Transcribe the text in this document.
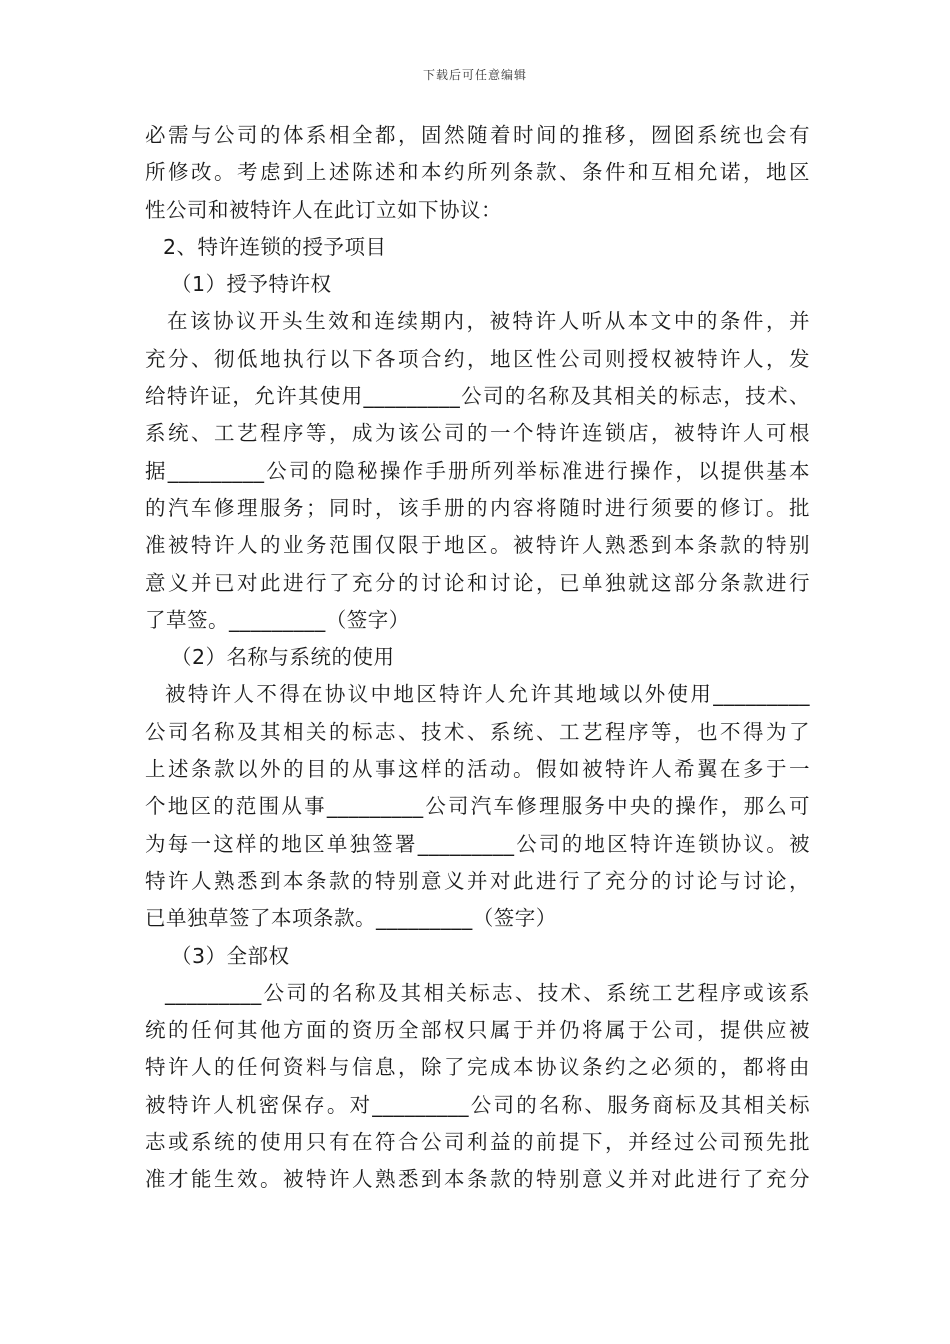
下载后可任意编辑
必需与公司的体系相全都，固然随着时间的推移，囫囵系统也会有
所修改。考虑到上述陈述和本约所列条款、条件和互相允诺，地区
性公司和被特许人在此订立如下协议：
2、特许连锁的授予项目
（1）授予特许权
在该协议开头生效和连续期内，被特许人听从本文中的条件，并
充分、彻低地执行以下各项合约，地区性公司则授权被特许人，发
给特许证，允许其使用_________公司的名称及其相关的标志，技术、
系统、工艺程序等，成为该公司的一个特许连锁店，被特许人可根
据_________公司的隐秘操作手册所列举标准进行操作，以提供基本
的汽车修理服务；同时，该手册的内容将随时进行须要的修订。批
准被特许人的业务范围仅限于地区。被特许人熟悉到本条款的特别
意义并已对此进行了充分的讨论和讨论，已单独就这部分条款进行
了草签。_________（签字）
（2）名称与系统的使用
被特许人不得在协议中地区特许人允许其地域以外使用_________
公司名称及其相关的标志、技术、系统、工艺程序等，也不得为了
上述条款以外的目的从事这样的活动。假如被特许人希翼在多于一
个地区的范围从事_________公司汽车修理服务中央的操作，那么可
为每一这样的地区单独签署_________公司的地区特许连锁协议。被
特许人熟悉到本条款的特别意义并对此进行了充分的讨论与讨论，
已单独草签了本项条款。_________（签字）
（3）全部权
_________公司的名称及其相关标志、技术、系统工艺程序或该系
统的任何其他方面的资历全部权只属于并仍将属于公司，提供应被
特许人的任何资料与信息，除了完成本协议条约之必须的，都将由
被特许人机密保存。对_________公司的名称、服务商标及其相关标
志或系统的使用只有在符合公司利益的前提下，并经过公司预先批
准才能生效。被特许人熟悉到本条款的特别意义并对此进行了充分
